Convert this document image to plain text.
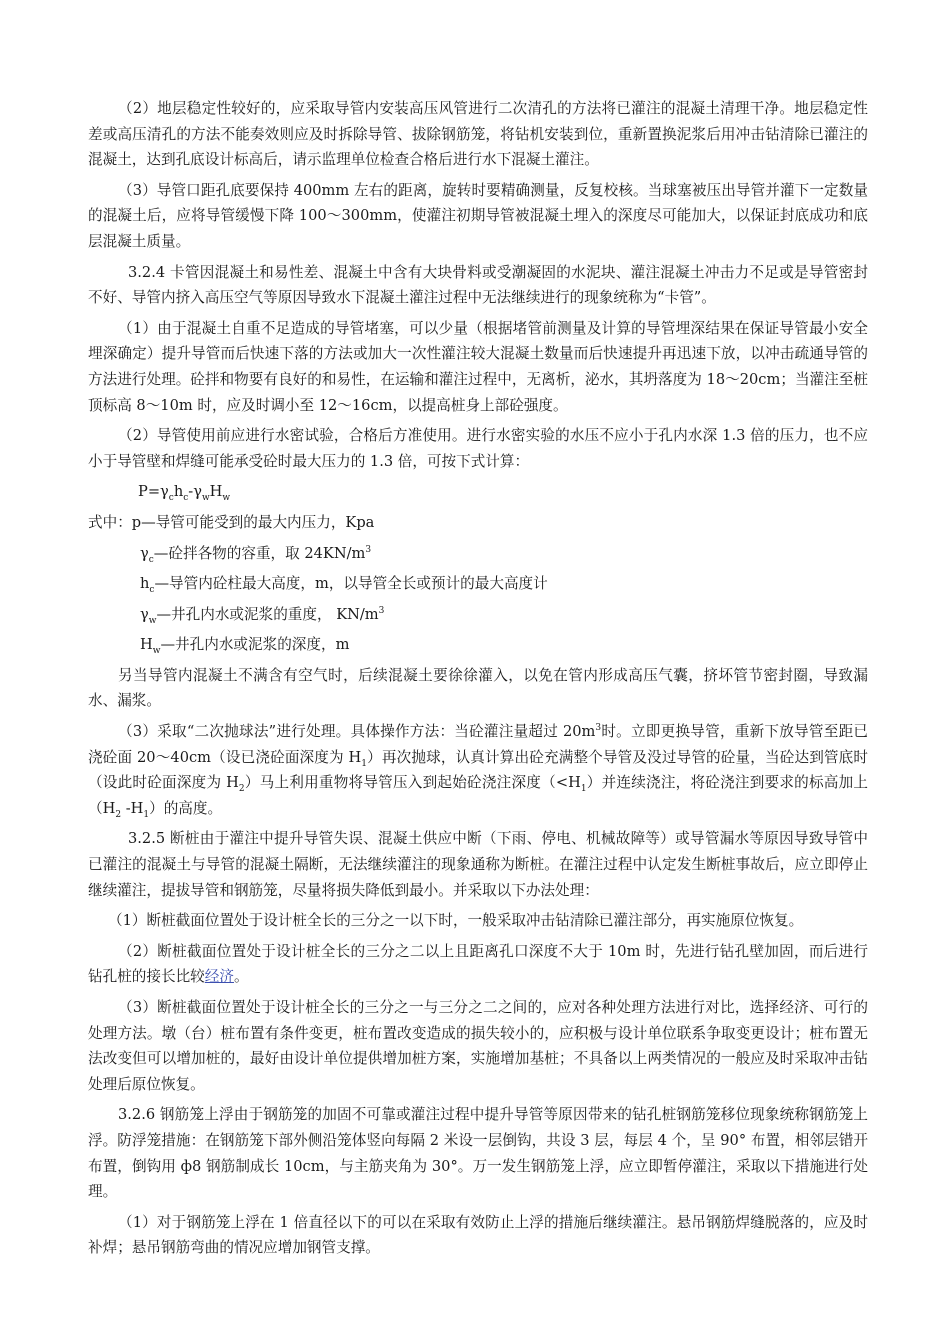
（2）地层稳定性较好的，应采取导管内安装高压风管进行二次清孔的方法将已灌注的混凝土清理干净。地层稳定性差或高压清孔的方法不能奏效则应及时拆除导管、拔除钢筋笼，将钻机安装到位，重新置换泥浆后用冲击钻清除已灌注的混凝土，达到孔底设计标高后，请示监理单位检查合格后进行水下混凝土灌注。

（3）导管口距孔底要保持 400mm 左右的距离，旋转时要精确测量，反复校核。当球塞被压出导管并灌下一定数量的混凝土后，应将导管缓慢下降 100～300mm，使灌注初期导管被混凝土埋入的深度尽可能加大，以保证封底成功和底层混凝土质量。

3.2.4 卡管因混凝土和易性差、混凝土中含有大块骨料或受潮凝固的水泥块、灌注混凝土冲击力不足或是导管密封不好、导管内挤入高压空气等原因导致水下混凝土灌注过程中无法继续进行的现象统称为“卡管”。

（1）由于混凝土自重不足造成的导管堵塞，可以少量（根据堵管前测量及计算的导管埋深结果在保证导管最小安全埋深确定）提升导管而后快速下落的方法或加大一次性灌注较大混凝土数量而后快速提升再迅速下放，以冲击疏通导管的方法进行处理。砼拌和物要有良好的和易性，在运输和灌注过程中，无离析，泌水，其坍落度为 18～20cm；当灌注至桩顶标高 8～10m 时，应及时调小至 12～16cm，以提高桩身上部砼强度。

（2）导管使用前应进行水密试验，合格后方准使用。进行水密实验的水压不应小于孔内水深 1.3 倍的压力，也不应小于导管壁和焊缝可能承受砼时最大压力的 1.3 倍，可按下式计算：

$P=\gamma_ch_c-\gamma_wH_w$

式中：p—导管可能受到的最大内压力，Kpa

$\gamma_c—$砼拌各物的容重，取 $24KN/m^3$

$h_c—$导管内砼柱最大高度，m，以导管全长或预计的最大高度计

$\gamma_w—$井孔内水或泥浆的重度， $KN/m^3$

$H_w—$井孔内水或泥浆的深度，m

另当导管内混凝土不满含有空气时，后续混凝土要徐徐灌入，以免在管内形成高压气囊，挤坏管节密封圈，导致漏水、漏浆。

（3）采取“二次抛球法”进行处理。具体操作方法：当砼灌注量超过 $20m^3$时。立即更换导管，重新下放导管至距已浇砼面 20～40cm（设已浇砼面深度为 $H_1$）再次抛球，认真计算出砼充满整个导管及没过导管的砼量，当砼达到管底时（设此时砼面深度为 $H_2$）马上利用重物将导管压入到起始砼浇注深度$(<H_1)$并连续浇注，将砼浇注到要求的标高加上（$H_2$ $-H_1$）的高度。

3.2.5 断桩由于灌注中提升导管失误、混凝土供应中断（下雨、停电、机械故障等）或导管漏水等原因导致导管中已灌注的混凝土与导管的混凝土隔断，无法继续灌注的现象通称为断桩。在灌注过程中认定发生断桩事故后，应立即停止继续灌注，提拔导管和钢筋笼，尽量将损失降低到最小。并采取以下办法处理：

（1）断桩截面位置处于设计桩全长的三分之一以下时，一般采取冲击钻清除已灌注部分，再实施原位恢复。

（2）断桩截面位置处于设计桩全长的三分之二以上且距离孔口深度不大于 10m 时，先进行钻孔壁加固，而后进行钻孔桩的接长比较经济。

（3）断桩截面位置处于设计桩全长的三分之一与三分之二之间的，应对各种处理方法进行对比，选择经济、可行的处理方法。墩（台）桩布置有条件变更，桩布置改变造成的损失较小的，应积极与设计单位联系争取变更设计；桩布置无法改变但可以增加桩的，最好由设计单位提供增加桩方案，实施增加基桩；不具备以上两类情况的一般应及时采取冲击钻处理后原位恢复。

3.2.6 钢筋笼上浮由于钢筋笼的加固不可靠或灌注过程中提升导管等原因带来的钻孔桩钢筋笼移位现象统称钢筋笼上浮。防浮笼措施：在钢筋笼下部外侧沿笼体竖向每隔 2 米设一层倒钩，共设 3 层，每层 4 个，呈 90° 布置，相邻层错开布置，倒钩用 ф8 钢筋制成长 10cm，与主筋夹角为 30°。万一发生钢筋笼上浮，应立即暂停灌注，采取以下措施进行处理。

（1）对于钢筋笼上浮在 1 倍直径以下的可以在采取有效防止上浮的措施后继续灌注。悬吊钢筋焊缝脱落的，应及时补焊；悬吊钢筋弯曲的情况应增加钢管支撑。
